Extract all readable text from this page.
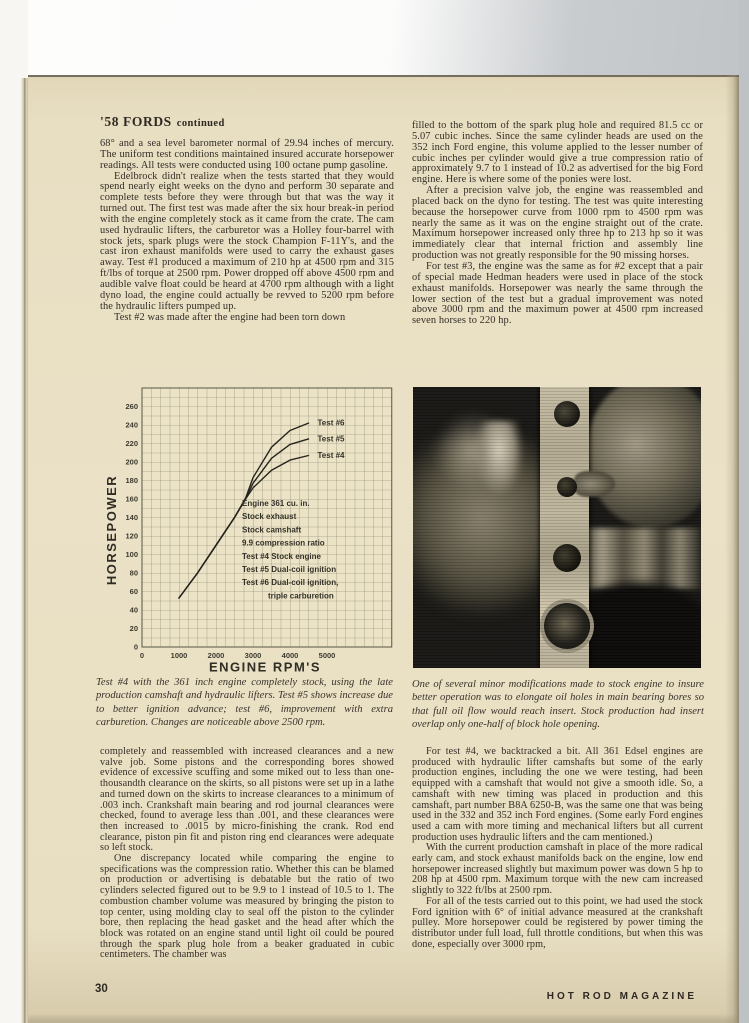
'58 FORDS continued

68° and a sea level barometer normal of 29.94 inches of mercury. The uniform test conditions maintained insured accurate horsepower readings. All tests were conducted using 100 octane pump gasoline.

Edelbrock didn't realize when the tests started that they would spend nearly eight weeks on the dyno and perform 30 separate and complete tests before they were through but that was the way it turned out. The first test was made after the six hour break-in period with the engine completely stock as it came from the crate. The cam used hydraulic lifters, the carburetor was a Holley four-barrel with stock jets, spark plugs were the stock Champion F-11Y's, and the cast iron exhaust manifolds were used to carry the exhaust gases away. Test #1 produced a maximum of 210 hp at 4500 rpm and 315 ft/lbs of torque at 2500 rpm. Power dropped off above 4500 rpm and audible valve float could be heard at 4700 rpm although with a light dyno load, the engine could actually be revved to 5200 rpm before the hydraulic lifters pumped up.

Test #2 was made after the engine had been torn down

0
20
40
60
80
100
120
140
160
180
200
220
240
260
0	1000	2000	3000	4000	5000
ENGINE RPM'S
HORSEPOWER
Test #4
Test #5
Test #6
Engine 361 cu. in.
Stock exhaust
Stock camshaft
9.9 compression ratio
Test #4 Stock engine
Test #5 Dual-coil ignition
Test #6 Dual-coil ignition,
triple carburetion
Test #4 with the 361 inch engine completely stock, using the late production camshaft and hydraulic lifters. Test #5 shows increase due to better ignition advance; test #6, improvement with extra carburetion. Changes are noticeable above 2500 rpm.

completely and reassembled with increased clearances and a new valve job. Some pistons and the corresponding bores showed evidence of excessive scuffing and some miked out to less than one-thousandth clearance on the skirts, so all pistons were set up in a lathe and turned down on the skirts to increase clearances to a minimum of .003 inch. Crankshaft main bearing and rod journal clearances were checked, found to average less than .001, and these clearances were then increased to .0015 by micro-finishing the crank. Rod end clearance, piston pin fit and piston ring end clearances were adequate so left stock.

One discrepancy located while comparing the engine to specifications was the compression ratio. Whether this can be blamed on production or advertising is debatable but the ratio of two cylinders selected figured out to be 9.9 to 1 instead of 10.5 to 1. The combustion chamber volume was measured by bringing the piston to top center, using molding clay to seal off the piston to the cylinder bore, then replacing the head gasket and the head after which the block was rotated on an engine stand until light oil could be poured through the spark plug hole from a beaker graduated in cubic centimeters. The chamber was

filled to the bottom of the spark plug hole and required 81.5 cc or 5.07 cubic inches. Since the same cylinder heads are used on the 352 inch Ford engine, this volume applied to the lesser number of cubic inches per cylinder would give a true compression ratio of approximately 9.7 to 1 instead of 10.2 as advertised for the big Ford engine. Here is where some of the ponies were lost.

After a precision valve job, the engine was reassembled and placed back on the dyno for testing. The test was quite interesting because the horsepower curve from 1000 rpm to 4500 rpm was nearly the same as it was on the engine straight out of the crate. Maximum horsepower increased only three hp to 213 hp so it was immediately clear that internal friction and assembly line production was not greatly responsible for the 90 missing horses.

For test #3, the engine was the same as for #2 except that a pair of special made Hedman headers were used in place of the stock exhaust manifolds. Horsepower was nearly the same through the lower section of the test but a gradual improvement was noted above 3000 rpm and the maximum power at 4500 rpm increased seven horses to 220 hp.

One of several minor modifications made to stock engine to insure better operation was to elongate oil holes in main bearing bores so that full oil flow would reach insert. Stock production had insert overlap only one-half of block hole opening.

For test #4, we backtracked a bit. All 361 Edsel engines are produced with hydraulic lifter camshafts but some of the early production engines, including the one we were testing, had been equipped with a camshaft that would not give a smooth idle. So, a camshaft with new timing was placed in production and this camshaft, part number B8A 6250-B, was the same one that was being used in the 332 and 352 inch Ford engines. (Some early Ford engines used a cam with more timing and mechanical lifters but all current production uses hydraulic lifters and the cam mentioned.)

With the current production camshaft in place of the more radical early cam, and stock exhaust manifolds back on the engine, low end horsepower increased slightly but maximum power was down 5 hp to 208 hp at 4500 rpm. Maximum torque with the new cam increased slightly to 322 ft/lbs at 2500 rpm.

For all of the tests carried out to this point, we had used the stock Ford ignition with 6° of initial advance measured at the crankshaft pulley. More horsepower could be registered by power timing the distributor under full load, full throttle conditions, but when this was done, especially over 3000 rpm,

30
HOT ROD MAGAZINE
